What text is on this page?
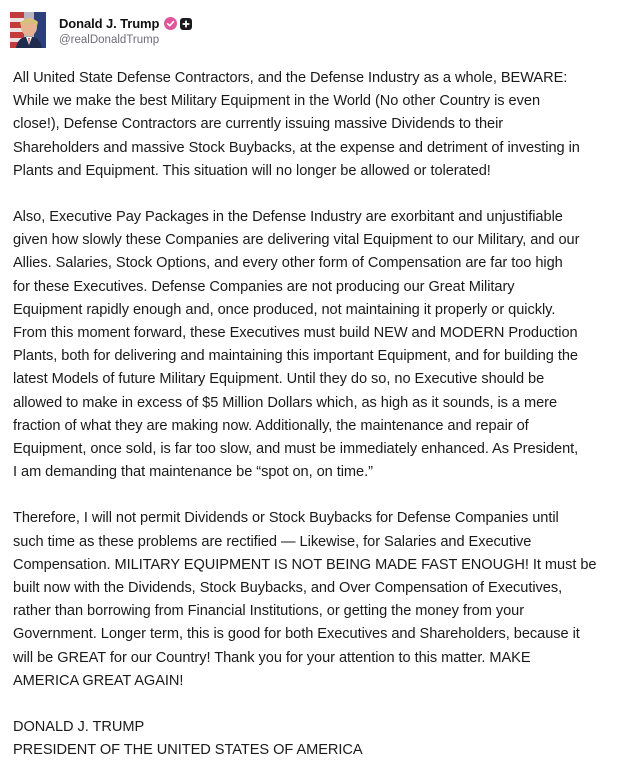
Donald J. Trump
@realDonaldTrump

All United State Defense Contractors, and the Defense Industry as a whole, BEWARE:
While we make the best Military Equipment in the World (No other Country is even
close!), Defense Contractors are currently issuing massive Dividends to their
Shareholders and massive Stock Buybacks, at the expense and detriment of investing in
Plants and Equipment. This situation will no longer be allowed or tolerated!

Also, Executive Pay Packages in the Defense Industry are exorbitant and unjustifiable
given how slowly these Companies are delivering vital Equipment to our Military, and our
Allies. Salaries, Stock Options, and every other form of Compensation are far too high
for these Executives. Defense Companies are not producing our Great Military
Equipment rapidly enough and, once produced, not maintaining it properly or quickly.
From this moment forward, these Executives must build NEW and MODERN Production
Plants, both for delivering and maintaining this important Equipment, and for building the
latest Models of future Military Equipment. Until they do so, no Executive should be
allowed to make in excess of $5 Million Dollars which, as high as it sounds, is a mere
fraction of what they are making now. Additionally, the maintenance and repair of
Equipment, once sold, is far too slow, and must be immediately enhanced. As President,
I am demanding that maintenance be “spot on, on time.”

Therefore, I will not permit Dividends or Stock Buybacks for Defense Companies until
such time as these problems are rectified — Likewise, for Salaries and Executive
Compensation. MILITARY EQUIPMENT IS NOT BEING MADE FAST ENOUGH! It must be
built now with the Dividends, Stock Buybacks, and Over Compensation of Executives,
rather than borrowing from Financial Institutions, or getting the money from your
Government. Longer term, this is good for both Executives and Shareholders, because it
will be GREAT for our Country! Thank you for your attention to this matter. MAKE
AMERICA GREAT AGAIN!

DONALD J. TRUMP
PRESIDENT OF THE UNITED STATES OF AMERICA
